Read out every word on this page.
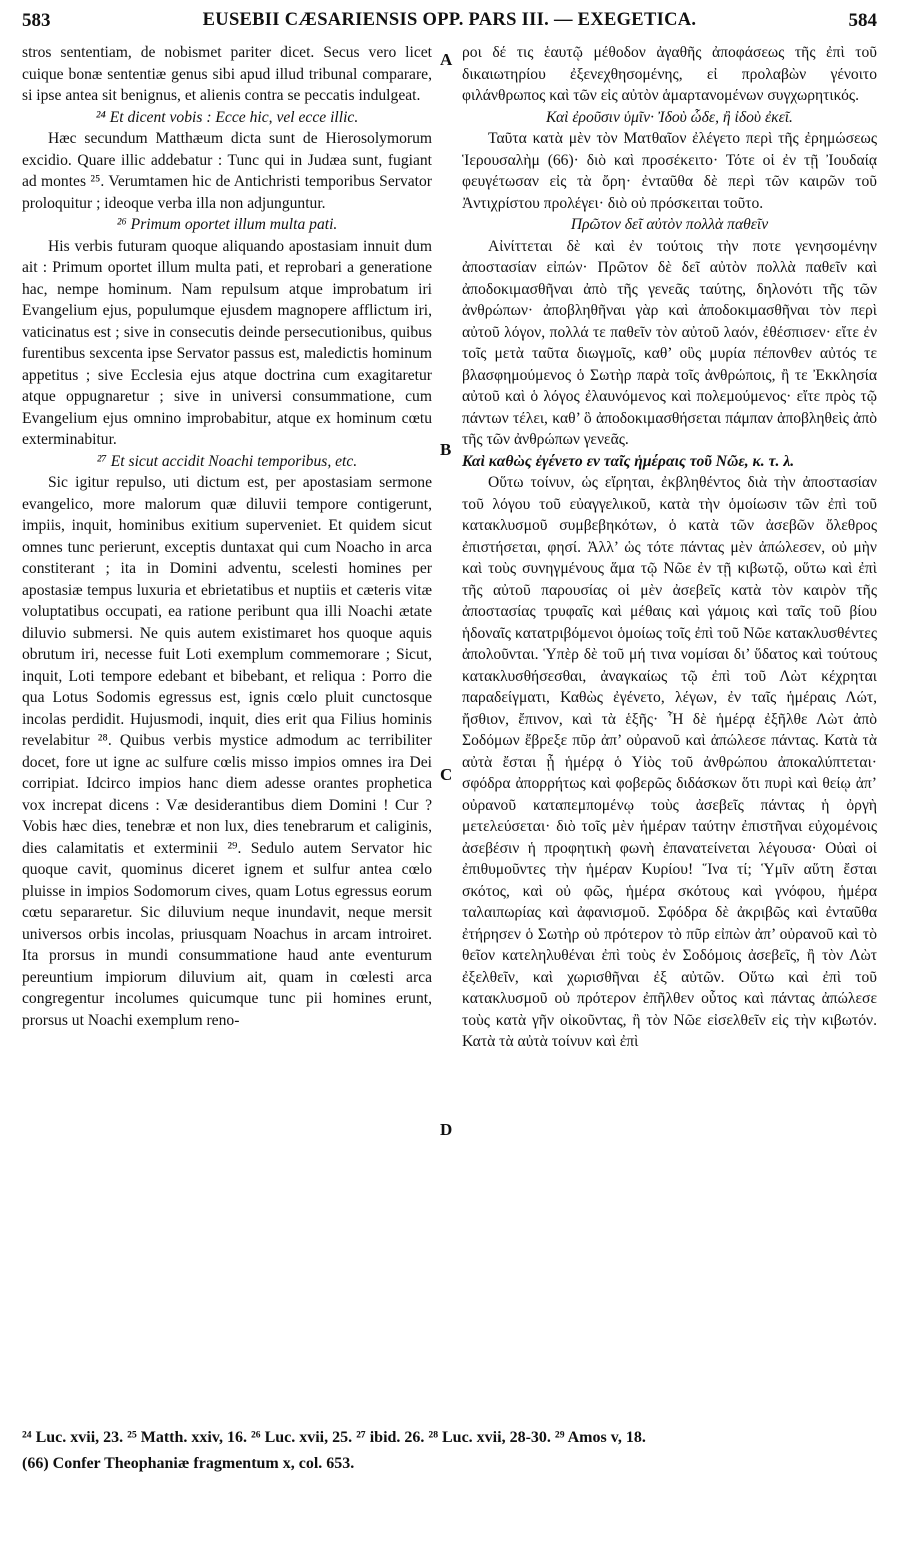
583	EUSEBII CÆSARIENSIS OPP. PARS III. — EXEGETICA.	584

stros sententiam, de nobismet pariter dicet. Secus vero licet cuique bonæ sententiæ genus sibi apud illud tribunal comparare, si ipse antea sit benignus, et alienis contra se peccatis indulgeat.

²⁴ Et dicent vobis : Ecce hic, vel ecce illic.

Hæc secundum Matthæum dicta sunt de Hierosolymorum excidio. Quare illic addebatur : Tunc qui in Judæa sunt, fugiant ad montes ²⁵. Verumtamen hic de Antichristi temporibus Servator proloquitur ; ideoque verba illa non adjunguntur.

²⁶ Primum oportet illum multa pati.

His verbis futuram quoque aliquando apostasiam innuit dum ait : Primum oportet illum multa pati, et reprobari a generatione hac, nempe hominum. Nam repulsum atque improbatum iri Evangelium ejus, populumque ejusdem magnopere afflictum iri, vaticinatus est ; sive in consecutis deinde persecutionibus, quibus furentibus sexcenta ipse Servator passus est, maledictis hominum appetitus ; sive Ecclesia ejus atque doctrina cum exagitaretur atque oppugnaretur ; sive in universi consummatione, cum Evangelium ejus omnino improbabitur, atque ex hominum cœtu exterminabitur.

²⁷ Et sicut accidit Noachi temporibus, etc.

Sic igitur repulso, uti dictum est, per apostasiam sermone evangelico, more malorum quæ diluvii tempore contigerunt, impiis, inquit, hominibus exitium superveniet. Et quidem sicut omnes tunc perierunt, exceptis duntaxat qui cum Noacho in arca constiterant ; ita in Domini adventu, scelesti homines per apostasiæ tempus luxuria et ebrietatibus et nuptiis et cæteris vitæ voluptatibus occupati, ea ratione peribunt qua illi Noachi ætate diluvio submersi. Ne quis autem existimaret hos quoque aquis obrutum iri, necesse fuit Loti exemplum commemorare ; Sicut, inquit, Loti tempore edebant et bibebant, et reliqua : Porro die qua Lotus Sodomis egressus est, ignis cœlo pluit cunctosque incolas perdidit. Hujusmodi, inquit, dies erit qua Filius hominis revelabitur ²⁸. Quibus verbis mystice admodum ac terribiliter docet, fore ut igne ac sulfure cœlis misso impios omnes ira Dei corripiat. Idcirco impios hanc diem adesse orantes prophetica vox increpat dicens : Væ desiderantibus diem Domini ! Cur ? Vobis hæc dies, tenebræ et non lux, dies tenebrarum et caliginis, dies calamitatis et exterminii ²⁹. Sedulo autem Servator hic quoque cavit, quominus diceret ignem et sulfur antea cœlo pluisse in impios Sodomorum cives, quam Lotus egressus eorum cœtu separaretur. Sic diluvium neque inundavit, neque mersit universos orbis incolas, priusquam Noachus in arcam introiret. Ita prorsus in mundi consummatione haud ante eventurum pereuntium impiorum diluvium ait, quam in cœlesti arca congregentur incolumes quicumque tunc pii homines erunt, prorsus ut Noachi exemplum reno-

A
B
C
D

ροι δέ τις ἑαυτῷ μέθοδον ἀγαθῆς ἀποφάσεως τῆς ἐπὶ τοῦ δικαιωτηρίου ἐξενεχθησομένης, εἰ προλαβὼν γένοιτο φιλάνθρωπος καὶ τῶν εἰς αὐτὸν ἁμαρτανομένων συγχωρητικός.

Καὶ ἐροῦσιν ὑμῖν· Ἰδοὺ ὧδε, ἢ ἰδοὺ ἐκεῖ.

Ταῦτα κατὰ μὲν τὸν Ματθαῖον ἐλέγετο περὶ τῆς ἐρημώσεως Ἱερουσαλὴμ (66)· διὸ καὶ προσέκειτο· Τότε οἱ ἐν τῇ Ἰουδαίᾳ φευγέτωσαν εἰς τὰ ὄρη· ἐνταῦθα δὲ περὶ τῶν καιρῶν τοῦ Ἀντιχρίστου προλέγει· διὸ οὐ πρόσκειται τοῦτο.

Πρῶτον δεῖ αὐτὸν πολλὰ παθεῖν

Αἰνίττεται δὲ καὶ ἐν τούτοις τὴν ποτε γενησομένην ἀποστασίαν εἰπών· Πρῶτον δὲ δεῖ αὐτὸν πολλὰ παθεῖν καὶ ἀποδοκιμασθῆναι ἀπὸ τῆς γενεᾶς ταύτης, δηλονότι τῆς τῶν ἀνθρώπων· ἀποβληθῆναι γὰρ καὶ ἀποδοκιμασθῆναι τὸν περὶ αὐτοῦ λόγον, πολλά τε παθεῖν τὸν αὐτοῦ λαόν, ἐθέσπισεν· εἴτε ἐν τοῖς μετὰ ταῦτα διωγμοῖς, καθ’ οὓς μυρία πέπονθεν αὐτός τε βλασφημούμενος ὁ Σωτὴρ παρὰ τοῖς ἀνθρώποις, ἢ τε Ἐκκλησία αὐτοῦ καὶ ὁ λόγος ἐλαυνόμενος καὶ πολεμούμενος· εἴτε πρὸς τῷ πάντων τέλει, καθ’ ὃ ἀποδοκιμασθήσεται πάμπαν ἀποβληθεὶς ἀπὸ τῆς τῶν ἀνθρώπων γενεᾶς.

Καὶ καθὼς ἐγένετο εν ταῖς ἡμέραις τοῦ Νῶε, κ. τ. λ.

Οὕτω τοίνυν, ὡς εἴρηται, ἐκβληθέντος διὰ τὴν ἀποστασίαν τοῦ λόγου τοῦ εὐαγγελικοῦ, κατὰ τὴν ὁμοίωσιν τῶν ἐπὶ τοῦ κατακλυσμοῦ συμβεβηκότων, ὁ κατὰ τῶν ἀσεβῶν ὄλεθρος ἐπιστήσεται, φησί. Ἀλλ’ ὡς τότε πάντας μὲν ἀπώλεσεν, οὐ μὴν καὶ τοὺς συνηγμένους ἅμα τῷ Νῶε ἐν τῇ κιβωτῷ, οὕτω καὶ ἐπὶ τῆς αὐτοῦ παρουσίας οἱ μὲν ἀσεβεῖς κατὰ τὸν καιρὸν τῆς ἀποστασίας τρυφαῖς καὶ μέθαις καὶ γάμοις καὶ ταῖς τοῦ βίου ἡδοναῖς κατατριβόμενοι ὁμοίως τοῖς ἐπὶ τοῦ Νῶε κατακλυσθέντες ἀπολοῦνται. Ὑπὲρ δὲ τοῦ μή τινα νομίσαι δι’ ὕδατος καὶ τούτους κατακλυσθήσεσθαι, ἀναγκαίως τῷ ἐπὶ τοῦ Λὼτ κέχρηται παραδείγματι, Καθὼς ἐγένετο, λέγων, ἐν ταῖς ἡμέραις Λώτ, ἤσθιον, ἔπινον, καὶ τὰ ἑξῆς· Ἧ δὲ ἡμέρᾳ ἐξῆλθε Λὼτ ἀπὸ Σοδόμων ἔβρεξε πῦρ ἀπ’ οὐρανοῦ καὶ ἀπώλεσε πάντας. Κατὰ τὰ αὐτὰ ἔσται ᾗ ἡμέρᾳ ὁ Υἱὸς τοῦ ἀνθρώπου ἀποκαλύπτεται· σφόδρα ἀπορρήτως καὶ φοβερῶς διδάσκων ὅτι πυρὶ καὶ θείῳ ἀπ’ οὐρανοῦ καταπεμπομένῳ τοὺς ἀσεβεῖς πάντας ἡ ὀργὴ μετελεύσεται· διὸ τοῖς μὲν ἡμέραν ταύτην ἐπιστῆναι εὐχομένοις ἀσεβέσιν ἡ προφητικὴ φωνὴ ἐπανατείνεται λέγουσα· Οὐαὶ οἱ ἐπιθυμοῦντες τὴν ἡμέραν Κυρίου! Ἵνα τί; Ὑμῖν αὕτη ἔσται σκότος, καὶ οὐ φῶς, ἡμέρα σκότους καὶ γνόφου, ἡμέρα ταλαιπωρίας καὶ ἀφανισμοῦ. Σφόδρα δὲ ἀκριβῶς καὶ ἐνταῦθα ἐτήρησεν ὁ Σωτὴρ οὐ πρότερον τὸ πῦρ εἰπὼν ἀπ’ οὐρανοῦ καὶ τὸ θεῖον κατεληλυθέναι ἐπὶ τοὺς ἐν Σοδόμοις ἀσεβεῖς, ἢ τὸν Λὼτ ἐξελθεῖν, καὶ χωρισθῆναι ἐξ αὐτῶν. Οὕτω καὶ ἐπὶ τοῦ κατακλυσμοῦ οὐ πρότερον ἐπῆλθεν οὗτος καὶ πάντας ἀπώλεσε τοὺς κατὰ γῆν οἰκοῦντας, ἢ τὸν Νῶε εἰσελθεῖν εἰς τὴν κιβωτόν. Κατὰ τὰ αὐτὰ τοίνυν καὶ ἐπὶ

²⁴ Luc. xvii, 23. ²⁵ Matth. xxiv, 16. ²⁶ Luc. xvii, 25. ²⁷ ibid. 26. ²⁸ Luc. xvii, 28-30. ²⁹ Amos v, 18.
(66) Confer Theophaniæ fragmentum x, col. 653.
